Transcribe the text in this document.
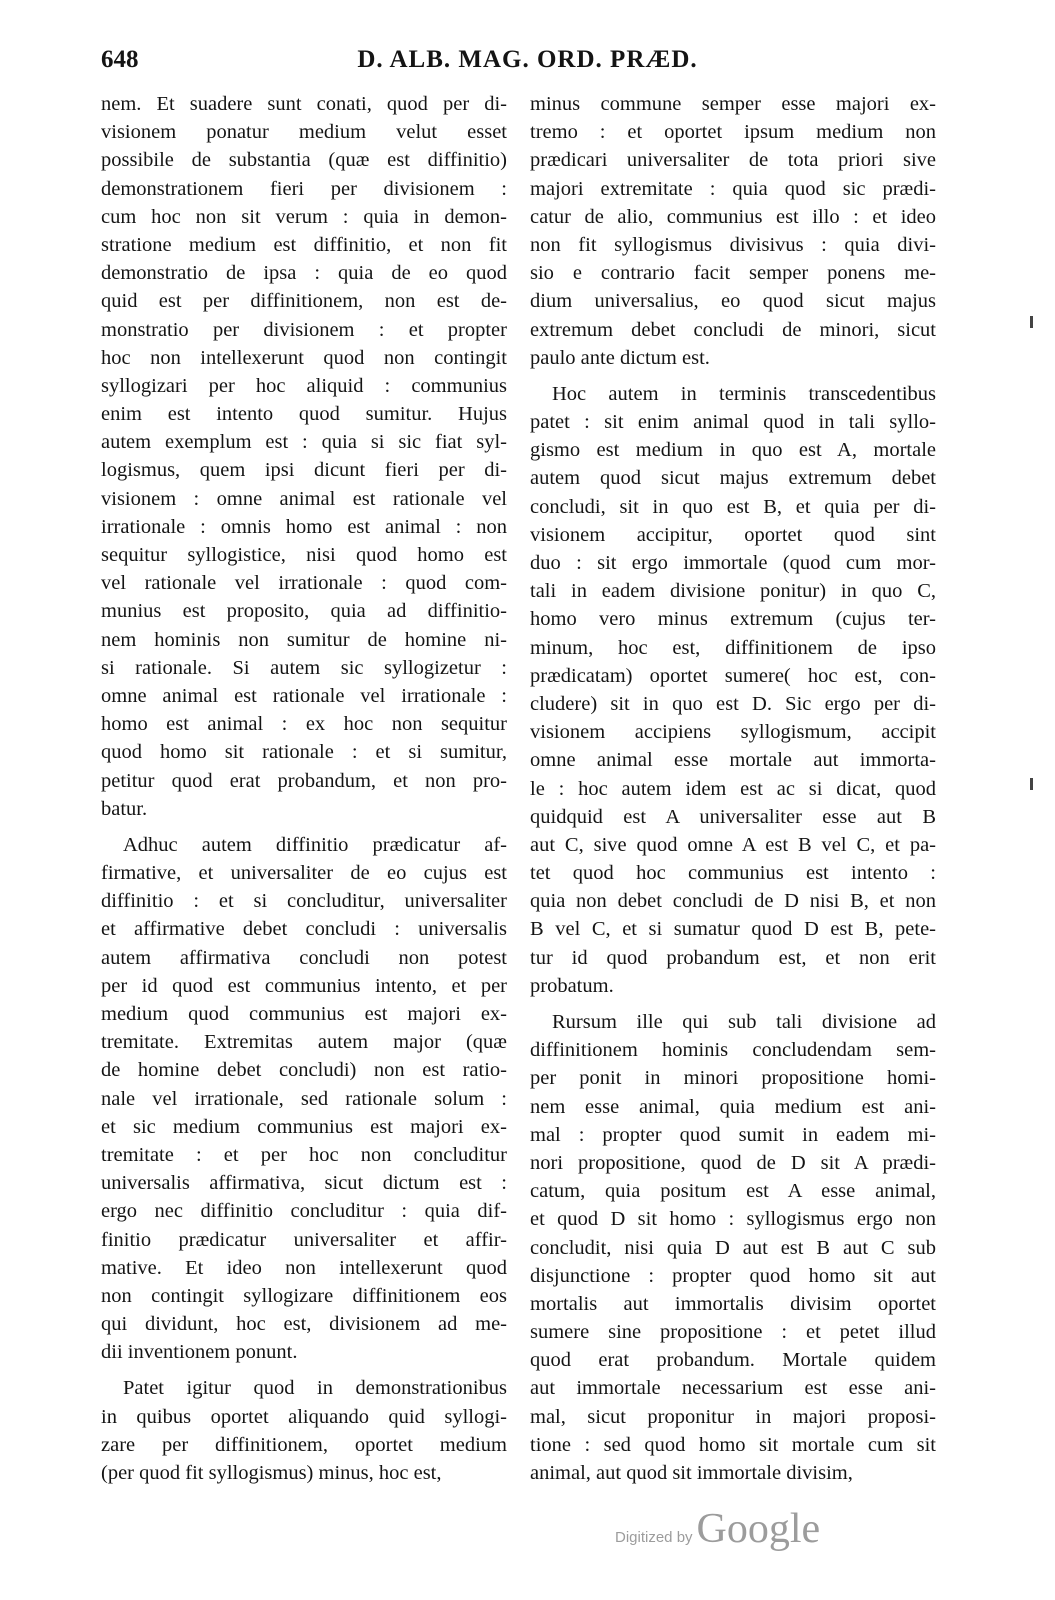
648	D. ALB. MAG. ORD. PRÆD.
nem. Et suadere sunt conati, quod per di-
visionem ponatur medium velut esset
possibile de substantia (quæ est diffinitio)
demonstrationem fieri per divisionem :
cum hoc non sit verum : quia in demon-
stratione medium est diffinitio, et non fit
demonstratio de ipsa : quia de eo quod
quid est per diffinitionem, non est de-
monstratio per divisionem : et propter
hoc non intellexerunt quod non contingit
syllogizari per hoc aliquid : communius
enim est intento quod sumitur. Hujus
autem exemplum est : quia si sic fiat syl-
logismus, quem ipsi dicunt fieri per di-
visionem : omne animal est rationale vel
irrationale : omnis homo est animal : non
sequitur syllogistice, nisi quod homo est
vel rationale vel irrationale : quod com-
munius est proposito, quia ad diffinitio-
nem hominis non sumitur de homine ni-
si rationale. Si autem sic syllogizetur :
omne animal est rationale vel irrationale :
homo est animal : ex hoc non sequitur
quod homo sit rationale : et si sumitur,
petitur quod erat probandum, et non pro-
batur.
Adhuc autem diffinitio prædicatur af-
firmative, et universaliter de eo cujus est
diffinitio : et si concluditur, universaliter
et affirmative debet concludi : universalis
autem affirmativa concludi non potest
per id quod est communius intento, et per
medium quod communius est majori ex-
tremitate. Extremitas autem major (quæ
de homine debet concludi) non est ratio-
nale vel irrationale, sed rationale solum :
et sic medium communius est majori ex-
tremitate : et per hoc non concluditur
universalis affirmativa, sicut dictum est :
ergo nec diffinitio concluditur : quia dif-
finitio prædicatur universaliter et affir-
mative. Et ideo non intellexerunt quod
non contingit syllogizare diffinitionem eos
qui dividunt, hoc est, divisionem ad me-
dii inventionem ponunt.
Patet igitur quod in demonstrationibus
in quibus oportet aliquando quid syllogi-
zare per diffinitionem, oportet medium
(per quod fit syllogismus) minus, hoc est,
minus commune semper esse majori ex-
tremo : et oportet ipsum medium non
prædicari universaliter de tota priori sive
majori extremitate : quia quod sic prædi-
catur de alio, communius est illo : et ideo
non fit syllogismus divisivus : quia divi-
sio e contrario facit semper ponens me-
dium universalius, eo quod sicut majus
extremum debet concludi de minori, sicut
paulo ante dictum est.
Hoc autem in terminis transcedentibus
patet : sit enim animal quod in tali syllo-
gismo est medium in quo est A, mortale
autem quod sicut majus extremum debet
concludi, sit in quo est B, et quia per di-
visionem accipitur, oportet quod sint
duo : sit ergo immortale (quod cum mor-
tali in eadem divisione ponitur) in quo C,
homo vero minus extremum (cujus ter-
minum, hoc est, diffinitionem de ipso
prædicatam) oportet sumere( hoc est, con-
cludere) sit in quo est D. Sic ergo per di-
visionem accipiens syllogismum, accipit
omne animal esse mortale aut immorta-
le : hoc autem idem est ac si dicat, quod
quidquid est A universaliter esse aut B
aut C, sive quod omne A est B vel C, et pa-
tet quod hoc communius est intento :
quia non debet concludi de D nisi B, et non
B vel C, et si sumatur quod D est B, pete-
tur id quod probandum est, et non erit
probatum.
Rursum ille qui sub tali divisione ad
diffinitionem hominis concludendam sem-
per ponit in minori propositione homi-
nem esse animal, quia medium est ani-
mal : propter quod sumit in eadem mi-
nori propositione, quod de D sit A prædi-
catum, quia positum est A esse animal,
et quod D sit homo : syllogismus ergo non
concludit, nisi quia D aut est B aut C sub
disjunctione : propter quod homo sit aut
mortalis aut immortalis divisim oportet
sumere sine propositione : et petet illud
quod erat probandum. Mortale quidem
aut immortale necessarium est esse ani-
mal, sicut proponitur in majori proposi-
tione : sed quod homo sit mortale cum sit
animal, aut quod sit immortale divisim,
Digitized byGoogle
